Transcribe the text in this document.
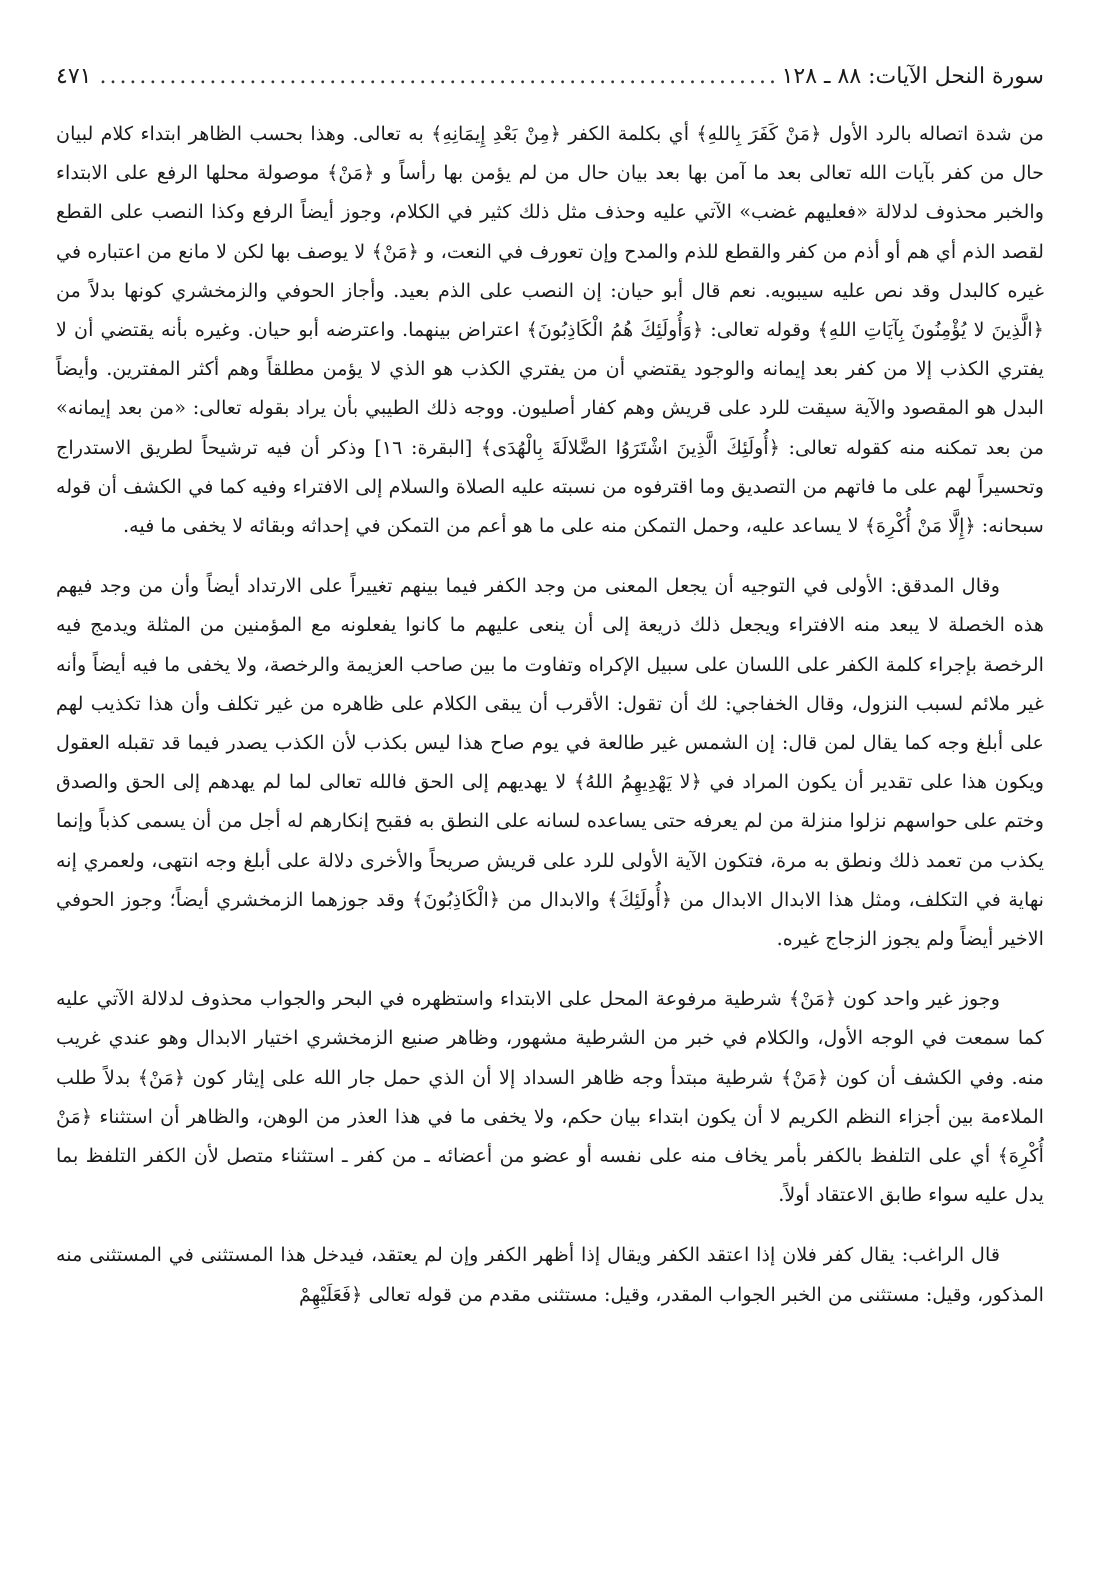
سورة النحل الآيات: ٨٨ ـ ١٢٨
.....
٤٧١

من شدة اتصاله بالرد الأول ﴿مَنْ كَفَرَ بِاللهِ﴾ أي بكلمة الكفر ﴿مِنْ بَعْدِ إِيمَانِهِ﴾ به تعالى. وهذا بحسب الظاهر ابتداء كلام لبيان حال من كفر بآيات الله تعالى بعد ما آمن بها بعد بيان حال من لم يؤمن بها رأساً و ﴿مَنْ﴾ موصولة محلها الرفع على الابتداء والخبر محذوف لدلالة «فعليهم غضب» الآتي عليه وحذف مثل ذلك كثير في الكلام، وجوز أيضاً الرفع وكذا النصب على القطع لقصد الذم أي هم أو أذم من كفر والقطع للذم والمدح وإن تعورف في النعت، و ﴿مَنْ﴾ لا يوصف بها لكن لا مانع من اعتباره في غيره كالبدل وقد نص عليه سيبويه. نعم قال أبو حيان: إن النصب على الذم بعيد. وأجاز الحوفي والزمخشري كونها بدلاً من ﴿الَّذِينَ لا يُؤْمِنُونَ بِآيَاتِ اللهِ﴾ وقوله تعالى: ﴿وَأُولَئِكَ هُمُ الْكَاذِبُونَ﴾ اعتراض بينهما. واعترضه أبو حيان. وغيره بأنه يقتضي أن لا يفتري الكذب إلا من كفر بعد إيمانه والوجود يقتضي أن من يفتري الكذب هو الذي لا يؤمن مطلقاً وهم أكثر المفترين. وأيضاً البدل هو المقصود والآية سيقت للرد على قريش وهم كفار أصليون. ووجه ذلك الطيبي بأن يراد بقوله تعالى: «من بعد إيمانه» من بعد تمكنه منه كقوله تعالى: ﴿أُولَئِكَ الَّذِينَ اشْتَرَوُا الضَّلالَةَ بِالْهُدَى﴾ [البقرة: ١٦] وذكر أن فيه ترشيحاً لطريق الاستدراج وتحسيراً لهم على ما فاتهم من التصديق وما اقترفوه من نسبته عليه الصلاة والسلام إلى الافتراء وفيه كما في الكشف أن قوله سبحانه: ﴿إِلَّا مَنْ أُكْرِهَ﴾ لا يساعد عليه، وحمل التمكن منه على ما هو أعم من التمكن في إحداثه وبقائه لا يخفى ما فيه.

وقال المدقق: الأولى في التوجيه أن يجعل المعنى من وجد الكفر فيما بينهم تغييراً على الارتداد أيضاً وأن من وجد فيهم هذه الخصلة لا يبعد منه الافتراء ويجعل ذلك ذريعة إلى أن ينعى عليهم ما كانوا يفعلونه مع المؤمنين من المثلة ويدمج فيه الرخصة بإجراء كلمة الكفر على اللسان على سبيل الإكراه وتفاوت ما بين صاحب العزيمة والرخصة، ولا يخفى ما فيه أيضاً وأنه غير ملائم لسبب النزول، وقال الخفاجي: لك أن تقول: الأقرب أن يبقى الكلام على ظاهره من غير تكلف وأن هذا تكذيب لهم على أبلغ وجه كما يقال لمن قال: إن الشمس غير طالعة في يوم صاح هذا ليس بكذب لأن الكذب يصدر فيما قد تقبله العقول ويكون هذا على تقدير أن يكون المراد في ﴿لا يَهْدِيهِمُ اللهُ﴾ لا يهديهم إلى الحق فالله تعالى لما لم يهدهم إلى الحق والصدق وختم على حواسهم نزلوا منزلة من لم يعرفه حتى يساعده لسانه على النطق به فقبح إنكارهم له أجل من أن يسمى كذباً وإنما يكذب من تعمد ذلك ونطق به مرة، فتكون الآية الأولى للرد على قريش صريحاً والأخرى دلالة على أبلغ وجه انتهى، ولعمري إنه نهاية في التكلف، ومثل هذا الابدال الابدال من ﴿أُولَئِكَ﴾ والابدال من ﴿الْكَاذِبُونَ﴾ وقد جوزهما الزمخشري أيضاً؛ وجوز الحوفي الاخير أيضاً ولم يجوز الزجاج غيره.

وجوز غير واحد كون ﴿مَنْ﴾ شرطية مرفوعة المحل على الابتداء واستظهره في البحر والجواب محذوف لدلالة الآتي عليه كما سمعت في الوجه الأول، والكلام في خبر من الشرطية مشهور، وظاهر صنيع الزمخشري اختيار الابدال وهو عندي غريب منه. وفي الكشف أن كون ﴿مَنْ﴾ شرطية مبتدأ وجه ظاهر السداد إلا أن الذي حمل جار الله على إيثار كون ﴿مَنْ﴾ بدلاً طلب الملاءمة بين أجزاء النظم الكريم لا أن يكون ابتداء بيان حكم، ولا يخفى ما في هذا العذر من الوهن، والظاهر أن استثناء ﴿مَنْ أُكْرِهَ﴾ أي على التلفظ بالكفر بأمر يخاف منه على نفسه أو عضو من أعضائه ـ من كفر ـ استثناء متصل لأن الكفر التلفظ بما يدل عليه سواء طابق الاعتقاد أولاً.

قال الراغب: يقال كفر فلان إذا اعتقد الكفر ويقال إذا أظهر الكفر وإن لم يعتقد، فيدخل هذا المستثنى في المستثنى منه المذكور، وقيل: مستثنى من الخبر الجواب المقدر، وقيل: مستثنى مقدم من قوله تعالى ﴿فَعَلَيْهِمْ
